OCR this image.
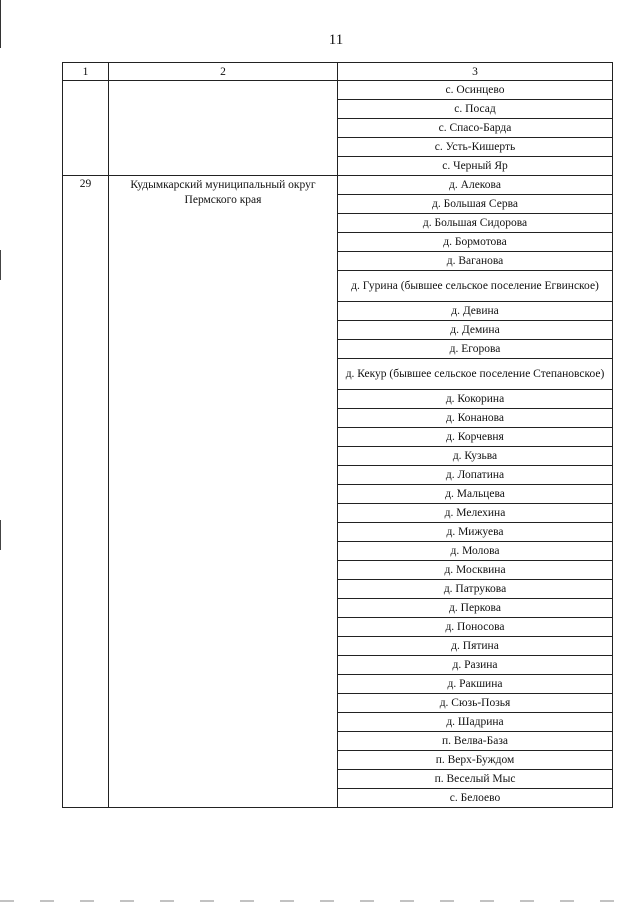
11
1	2	3
		с. Осинцево
		с. Посад
		с. Спасо-Барда
		с. Усть-Кишерть
		с. Черный Яр
29	Кудымкарский муниципальный округ Пермского края	д. Алекова
		д. Большая Серва
		д. Большая Сидорова
		д. Бормотова
		д. Ваганова
		д. Гурина (бывшее сельское поселение Егвинское)
		д. Девина
		д. Демина
		д. Егорова
		д. Кекур (бывшее сельское поселение Степановское)
		д. Кокорина
		д. Конанова
		д. Корчевня
		д. Кузьва
		д. Лопатина
		д. Мальцева
		д. Мелехина
		д. Мижуева
		д. Молова
		д. Москвина
		д. Патрукова
		д. Перкова
		д. Поносова
		д. Пятина
		д. Разина
		д. Ракшина
		д. Сюзь-Позья
		д. Шадрина
		п. Велва-База
		п. Верх-Буждом
		п. Веселый Мыс
		с. Белоево
